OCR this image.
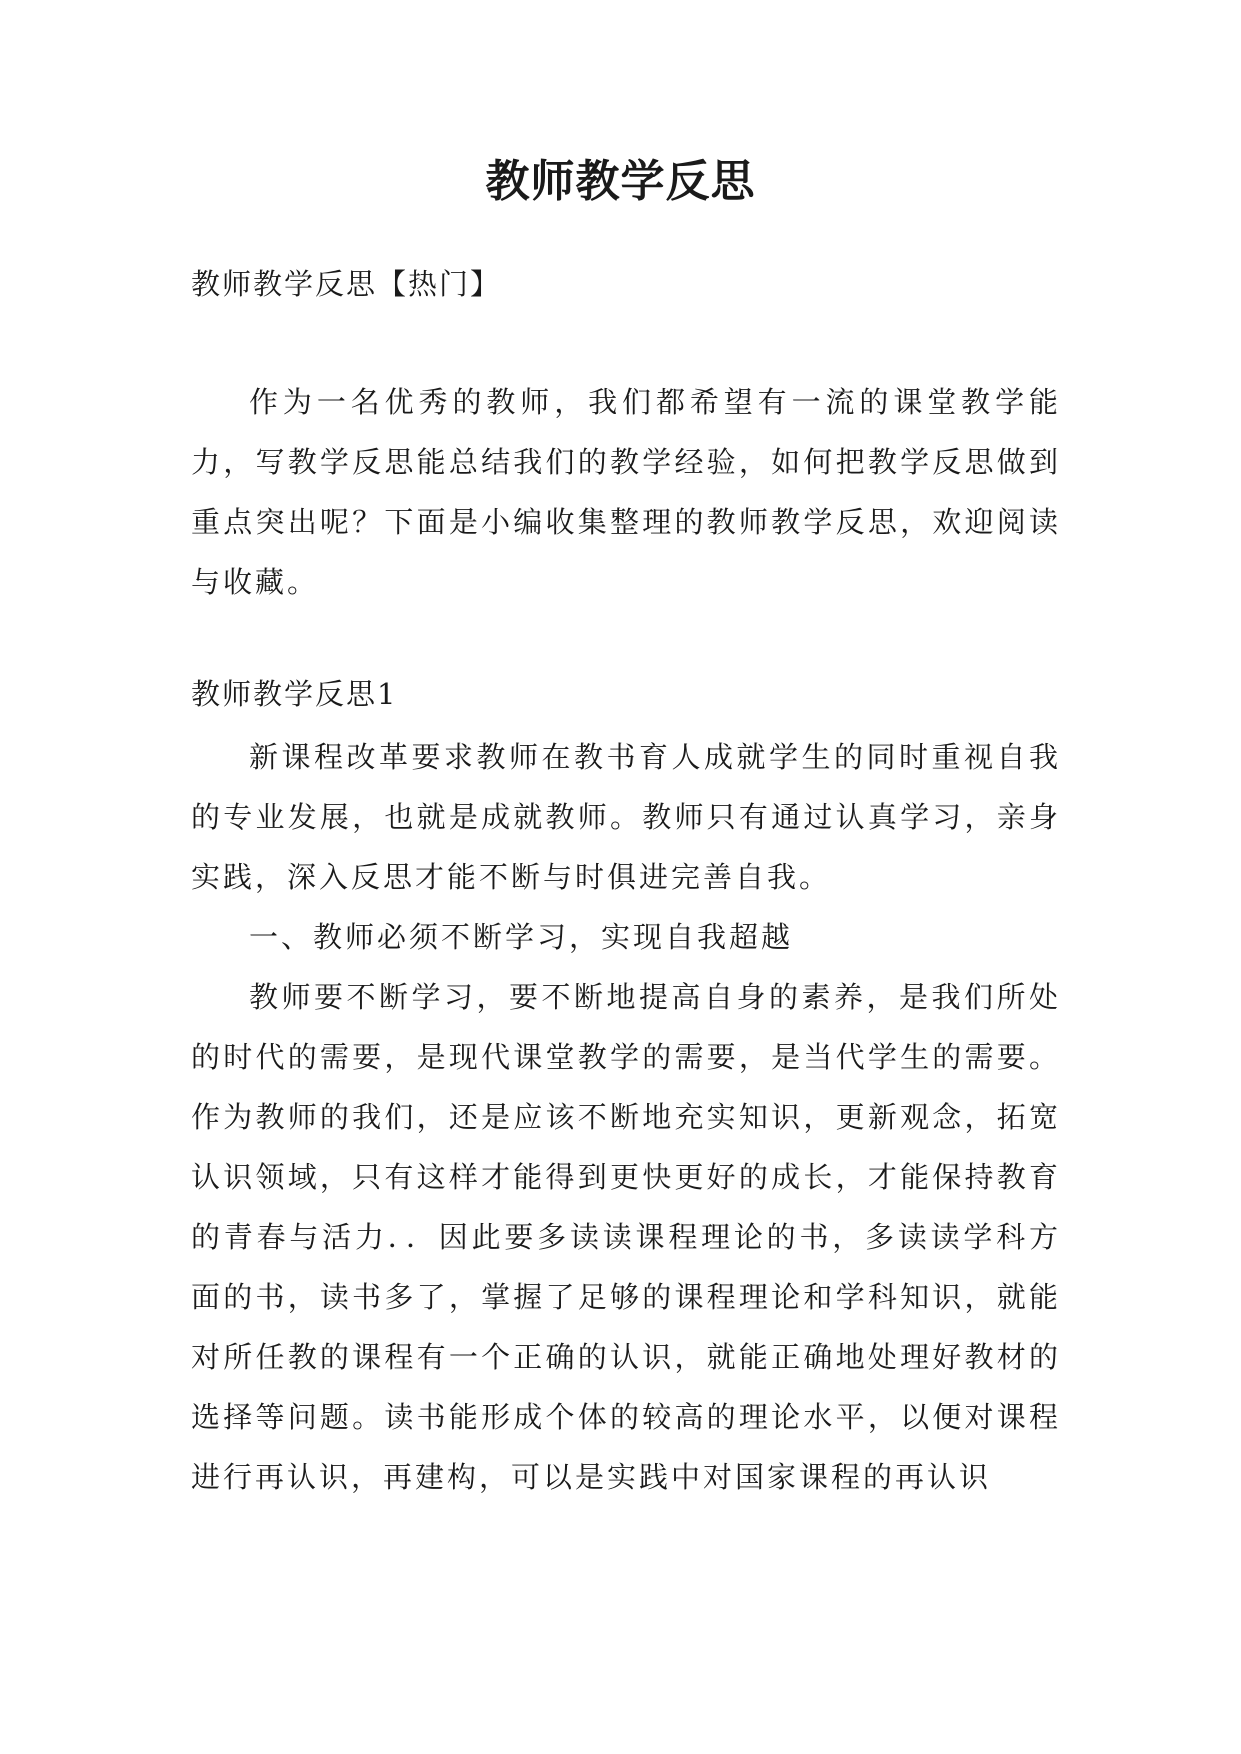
教师教学反思

教师教学反思【热门】

作为一名优秀的教师，我们都希望有一流的课堂教学能力，写教学反思能总结我们的教学经验，如何把教学反思做到重点突出呢？下面是小编收集整理的教师教学反思，欢迎阅读与收藏。

教师教学反思1

新课程改革要求教师在教书育人成就学生的同时重视自我的专业发展，也就是成就教师。教师只有通过认真学习，亲身实践，深入反思才能不断与时俱进完善自我。

一、教师必须不断学习，实现自我超越

教师要不断学习，要不断地提高自身的素养，是我们所处的时代的需要，是现代课堂教学的需要，是当代学生的需要。作为教师的我们，还是应该不断地充实知识，更新观念，拓宽认识领域，只有这样才能得到更快更好的成长，才能保持教育的青春与活力．．因此要多读读课程理论的书，多读读学科方面的书，读书多了，掌握了足够的课程理论和学科知识，就能对所任教的课程有一个正确的认识，就能正确地处理好教材的选择等问题。读书能形成个体的较高的理论水平，以便对课程进行再认识，再建构，可以是实践中对国家课程的再认识
